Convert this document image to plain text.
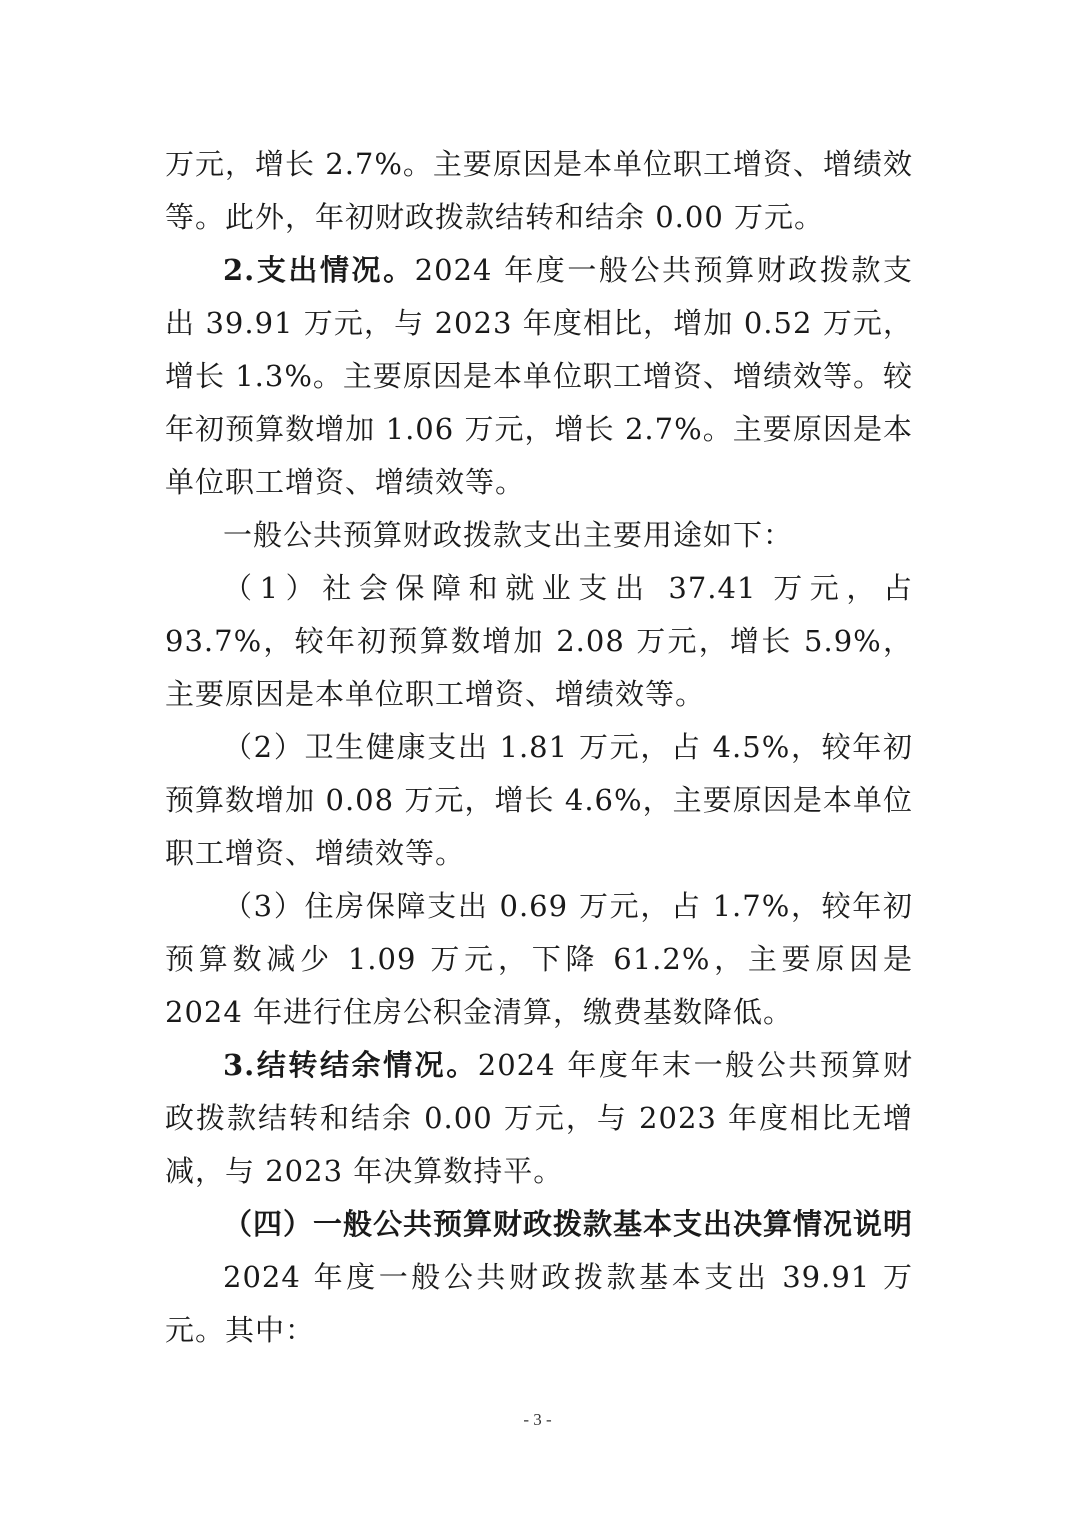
万元，增长 2.7%。主要原因是本单位职工增资、增绩效等。此外，年初财政拨款结转和结余 0.00 万元。

2.支出情况。2024 年度一般公共预算财政拨款支出 39.91 万元，与 2023 年度相比，增加 0.52 万元，增长 1.3%。主要原因是本单位职工增资、增绩效等。较年初预算数增加 1.06 万元，增长 2.7%。主要原因是本单位职工增资、增绩效等。

一般公共预算财政拨款支出主要用途如下：

（1）社会保障和就业支出 37.41 万元，占 93.7%，较年初预算数增加 2.08 万元，增长 5.9%，主要原因是本单位职工增资、增绩效等。

（2）卫生健康支出 1.81 万元，占 4.5%，较年初预算数增加 0.08 万元，增长 4.6%，主要原因是本单位职工增资、增绩效等。

（3）住房保障支出 0.69 万元，占 1.7%，较年初预算数减少 1.09 万元，下降 61.2%，主要原因是 2024 年进行住房公积金清算，缴费基数降低。

3.结转结余情况。2024 年度年末一般公共预算财政拨款结转和结余 0.00 万元，与 2023 年度相比无增减，与 2023 年决算数持平。

（四）一般公共预算财政拨款基本支出决算情况说明

2024 年度一般公共财政拨款基本支出 39.91 万元。其中：

- 3 -
